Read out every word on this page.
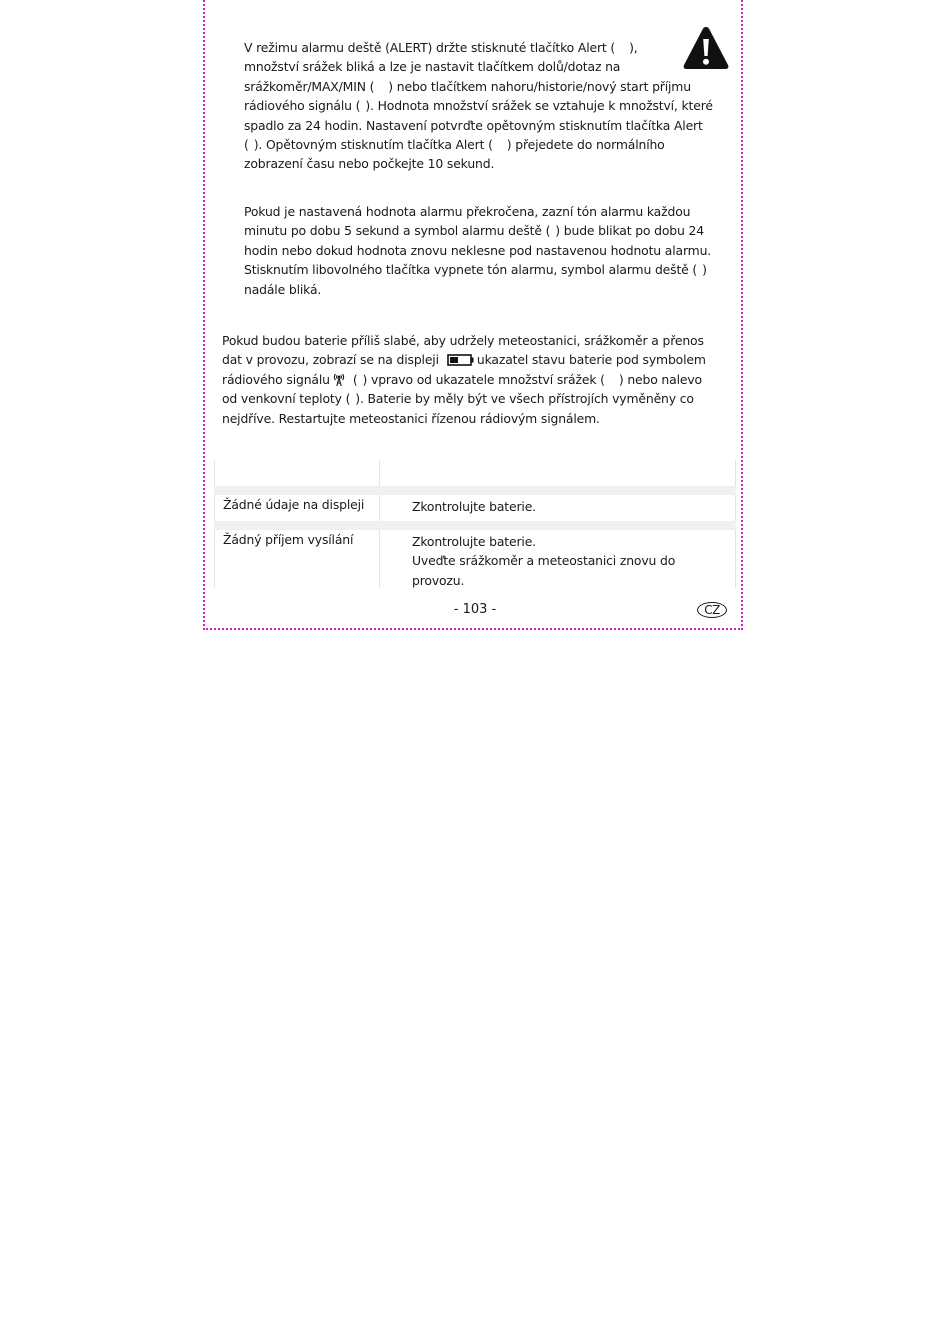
V režimu alarmu deště (ALERT) držte stisknuté tlačítko Alert ( ),
množství srážek bliká a lze je nastavit tlačítkem dolů/dotaz na
srážkoměr/MAX/MIN ( ) nebo tlačítkem nahoru/historie/nový start příjmu
rádiového signálu ( ). Hodnota množství srážek se vztahuje k množství, které
spadlo za 24 hodin. Nastavení potvrďte opětovným stisknutím tlačítka Alert
( ). Opětovným stisknutím tlačítka Alert ( ) přejedete do normálního
zobrazení času nebo počkejte 10 sekund.

Pokud je nastavená hodnota alarmu překročena, zazní tón alarmu každou
minutu po dobu 5 sekund a symbol alarmu deště ( ) bude blikat po dobu 24
hodin nebo dokud hodnota znovu neklesne pod nastavenou hodnotu alarmu.
Stisknutím libovolného tlačítka vypnete tón alarmu, symbol alarmu deště ( )
nadále bliká.

Pokud budou baterie příliš slabé, aby udržely meteostanici, srážkoměr a přenos
dat v provozu, zobrazí se na displeji	ukazatel stavu baterie pod symbolem
rádiového signálu ( ) vpravo od ukazatele množství srážek ( ) nebo nalevo
od venkovní teploty ( ). Baterie by měly být ve všech přístrojích vyměněny co
nejdříve. Restartujte meteostanici řízenou rádiovým signálem.

Žádné údaje na displeji	Zkontrolujte baterie.
Žádný příjem vysílání	Zkontrolujte baterie.
Uveďte srážkoměr a meteostanici znovu do
provozu.
- 103 -	CZ
